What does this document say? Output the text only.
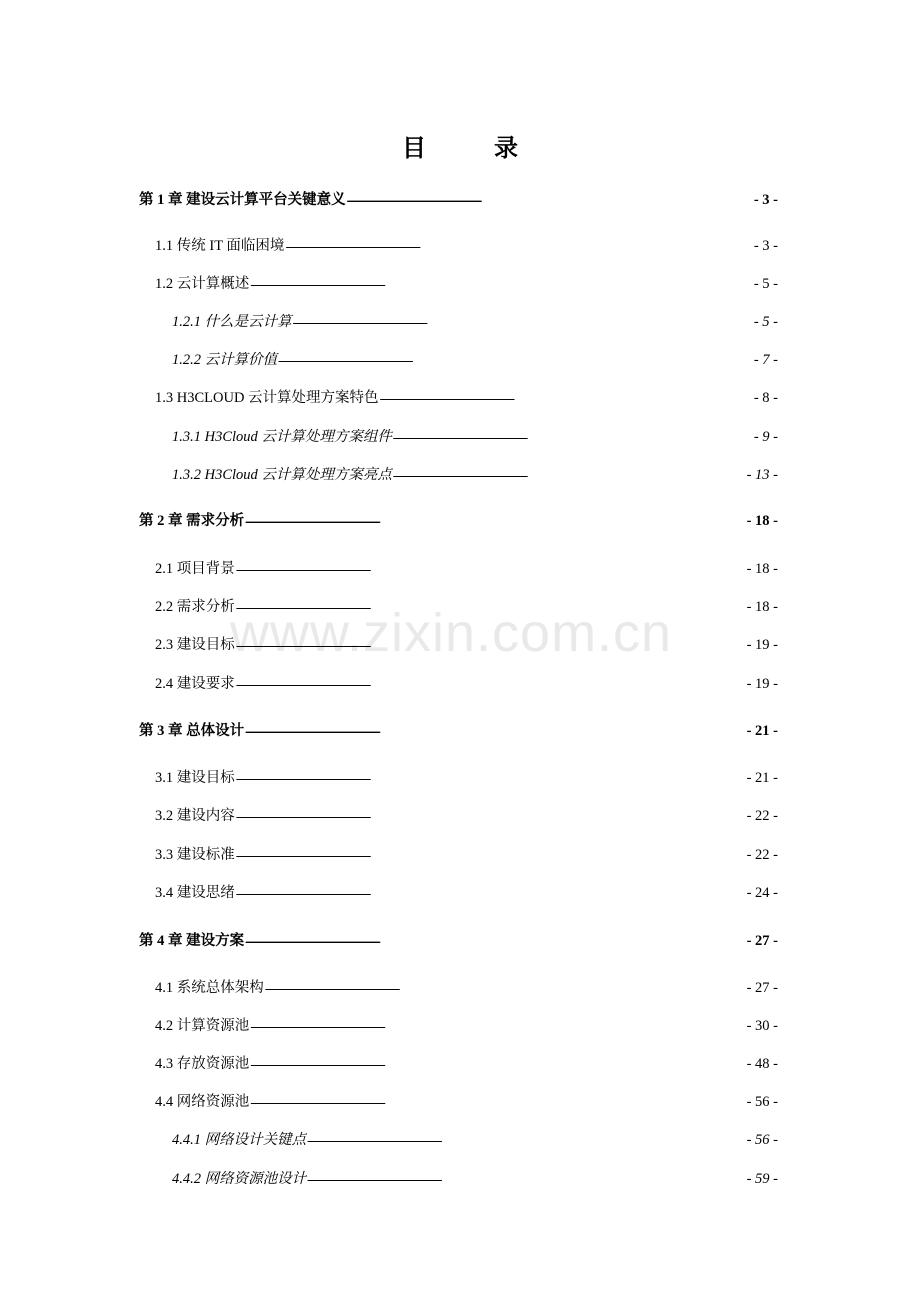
目　录
www.zixin.com.cn
第 1 章 建设云计算平台关键意义 . . .	- 3 -
1.1 传统 IT 面临困境 . . .	- 3 -
1.2 云计算概述 . . .	- 5 -
1.2.1 什么是云计算 . . .	- 5 -
1.2.2 云计算价值 . . .	- 7 -
1.3 H3CLOUD 云计算处理方案特色 . . .	- 8 -
1.3.1 H3Cloud 云计算处理方案组件 . . .	- 9 -
1.3.2 H3Cloud 云计算处理方案亮点 . . .	- 13 -
第 2 章 需求分析 . . .	- 18 -
2.1 项目背景 . . .	- 18 -
2.2 需求分析 . . .	- 18 -
2.3 建设目标 . . .	- 19 -
2.4 建设要求 . . .	- 19 -
第 3 章 总体设计 . . .	- 21 -
3.1 建设目标 . . .	- 21 -
3.2 建设内容 . . .	- 22 -
3.3 建设标准 . . .	- 22 -
3.4 建设思绪 . . .	- 24 -
第 4 章 建设方案 . . .	- 27 -
4.1 系统总体架构 . . .	- 27 -
4.2 计算资源池 . . .	- 30 -
4.3 存放资源池 . . .	- 48 -
4.4 网络资源池 . . .	- 56 -
4.4.1 网络设计关键点 . . .	- 56 -
4.4.2 网络资源池设计 . . .	- 59 -
